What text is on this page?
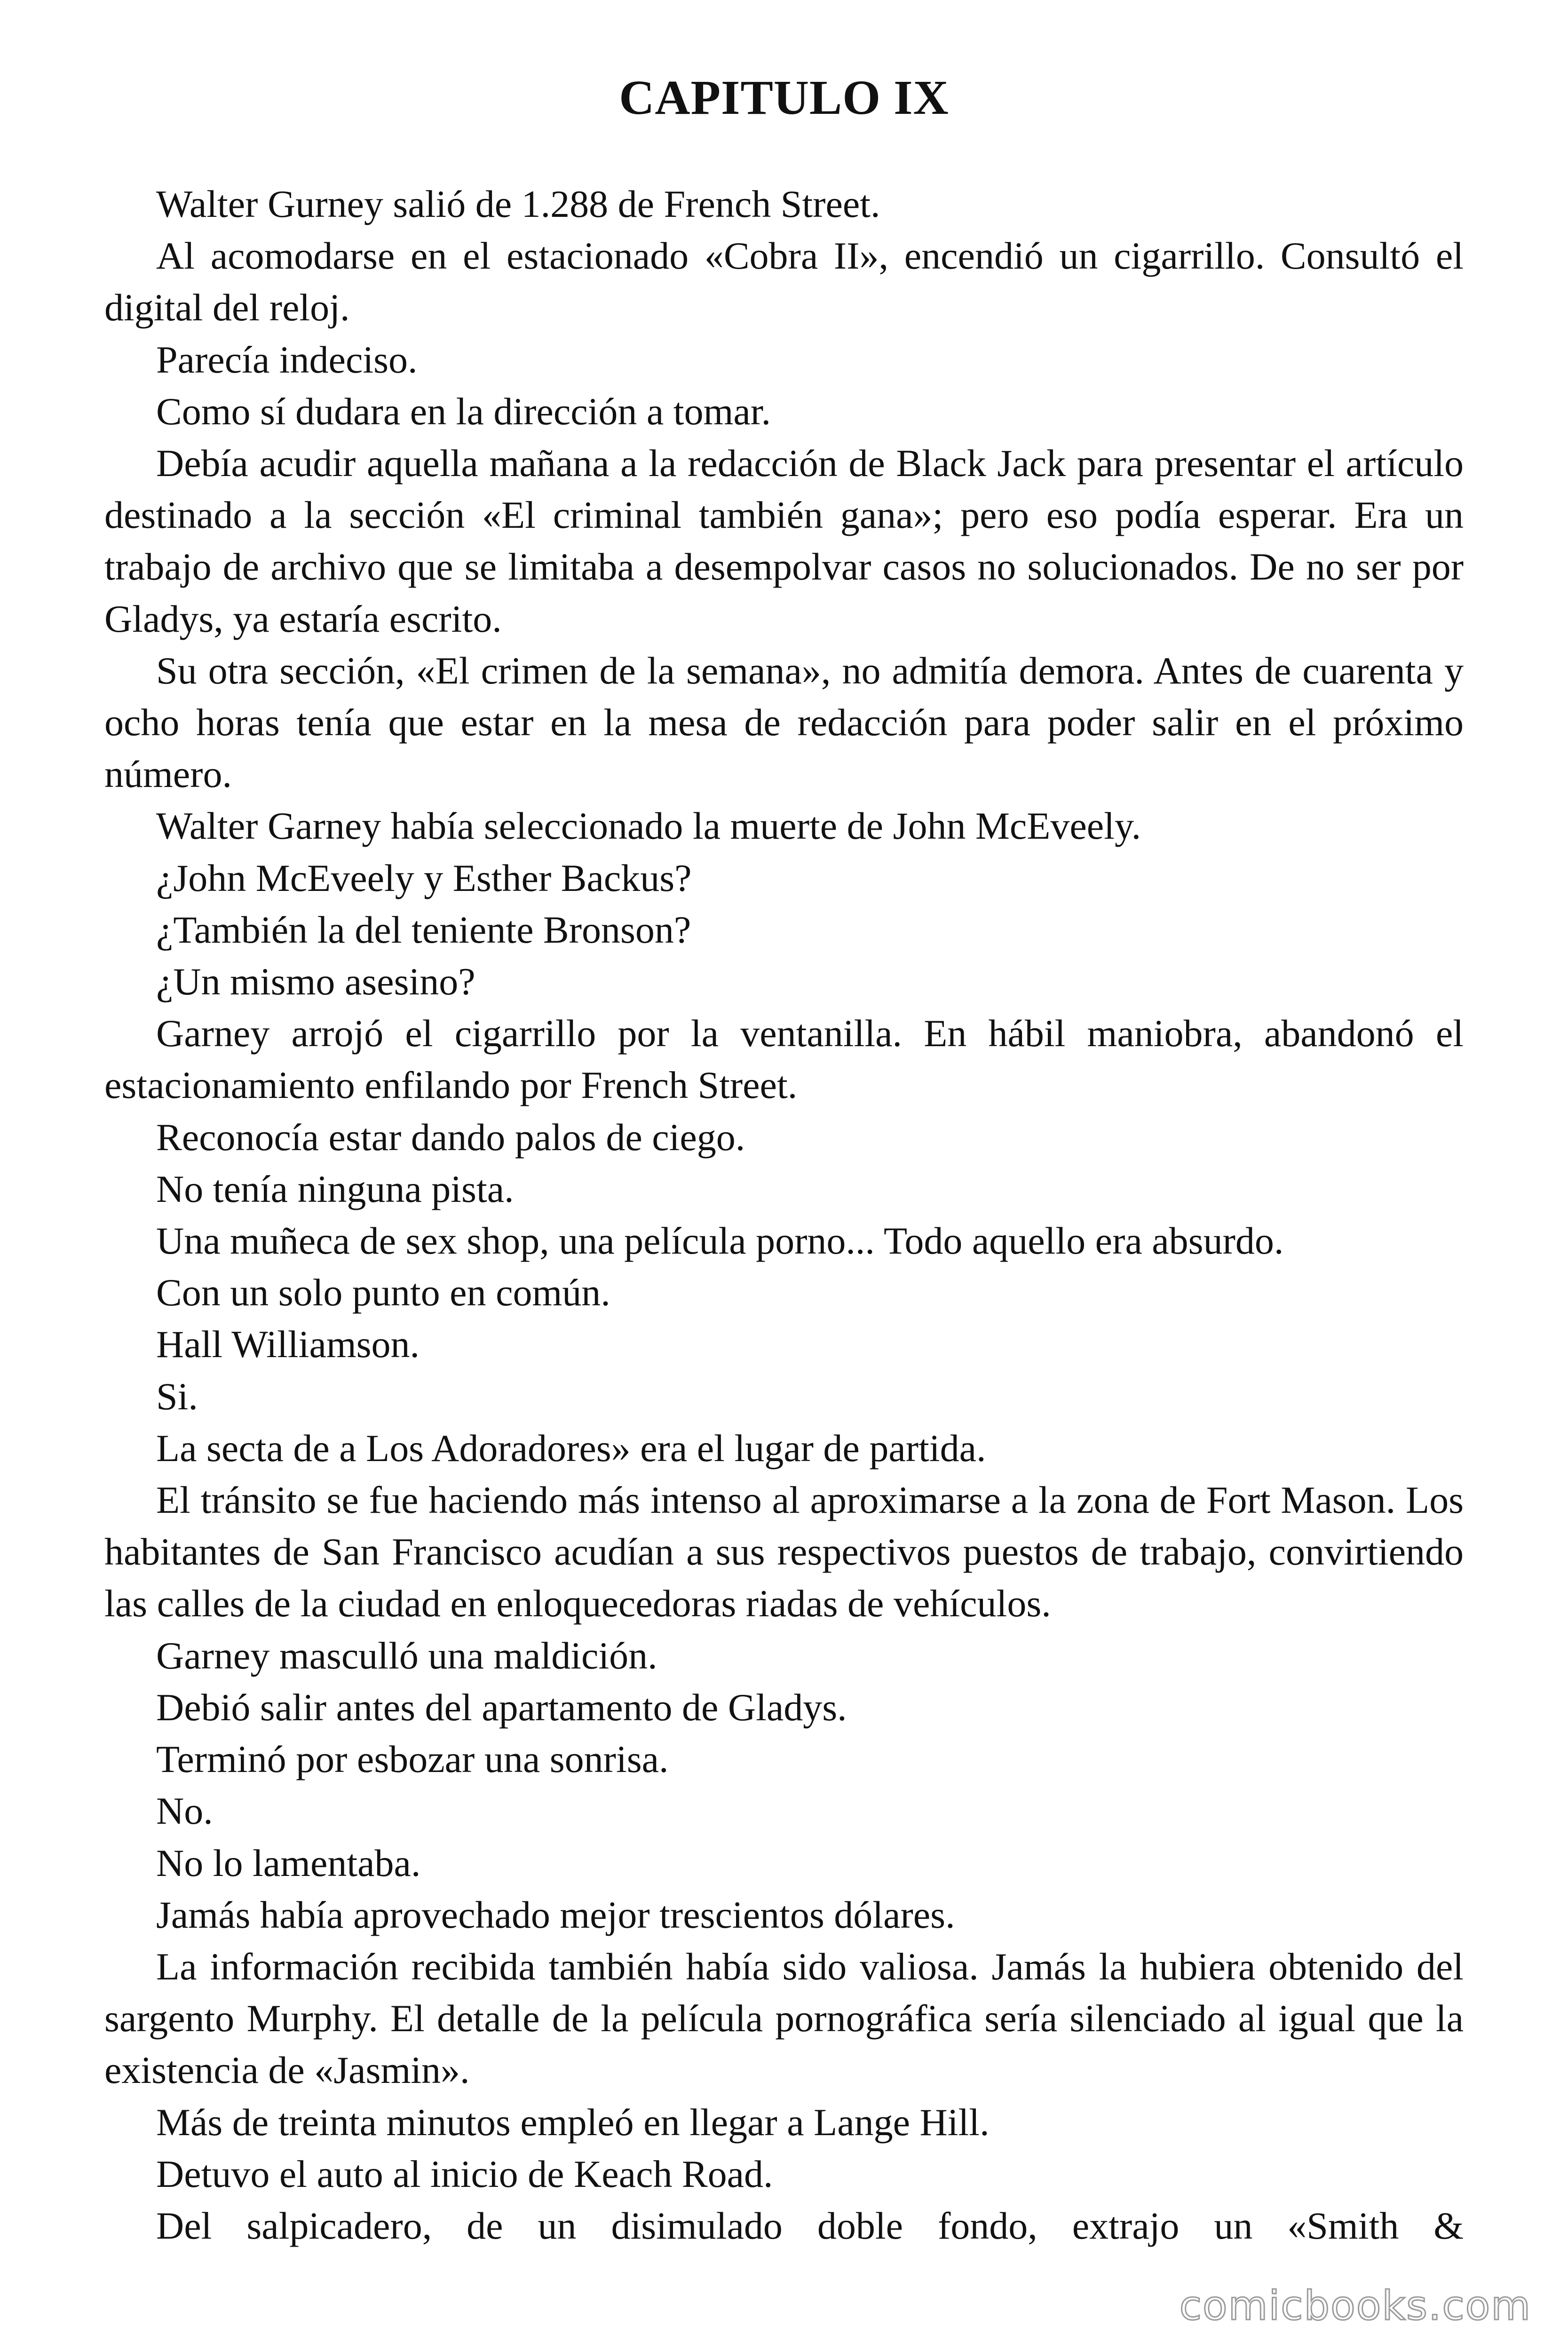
CAPITULO IX

Walter Gurney salió de 1.288 de French Street.

Al acomodarse en el estacionado «Cobra II», encendió un cigarrillo. Consultó el digital del reloj.

Parecía indeciso.

Como sí dudara en la dirección a tomar.

Debía acudir aquella mañana a la redacción de Black Jack para presentar el artículo destinado a la sección «El criminal también gana»; pero eso podía esperar. Era un trabajo de archivo que se limitaba a desempolvar casos no solucionados. De no ser por Gladys, ya estaría escrito.

Su otra sección, «El crimen de la semana», no admitía demora. Antes de cuarenta y ocho horas tenía que estar en la mesa de redacción para poder salir en el próximo número.

Walter Garney había seleccionado la muerte de John McEveely.

¿John McEveely y Esther Backus?

¿También la del teniente Bronson?

¿Un mismo asesino?

Garney arrojó el cigarrillo por la ventanilla. En hábil maniobra, abandonó el estacionamiento enfilando por French Street.

Reconocía estar dando palos de ciego.

No tenía ninguna pista.

Una muñeca de sex shop, una película porno... Todo aquello era absurdo.

Con un solo punto en común.

Hall Williamson.

Si.

La secta de a Los Adoradores» era el lugar de partida.

El tránsito se fue haciendo más intenso al aproximarse a la zona de Fort Mason. Los habitantes de San Francisco acudían a sus respectivos puestos de trabajo, convirtiendo las calles de la ciudad en enloquecedoras riadas de vehículos.

Garney masculló una maldición.

Debió salir antes del apartamento de Gladys.

Terminó por esbozar una sonrisa.

No.

No lo lamentaba.

Jamás había aprovechado mejor trescientos dólares.

La información recibida también había sido valiosa. Jamás la hubiera obtenido del sargento Murphy. El detalle de la película pornográfica sería silenciado al igual que la existencia de «Jasmin».

Más de treinta minutos empleó en llegar a Lange Hill.

Detuvo el auto al inicio de Keach Road.

Del salpicadero, de un disimulado doble fondo, extrajo un «Smith &

comicbooks.com
